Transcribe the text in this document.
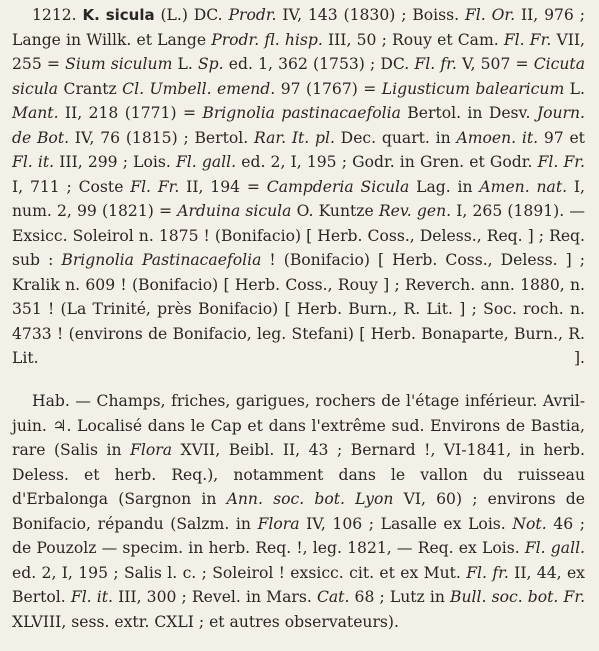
1212. K. sicula (L.) DC. Prodr. IV, 143 (1830) ; Boiss. Fl. Or. II, 976 ; Lange in Willk. et Lange Prodr. fl. hisp. III, 50 ; Rouy et Cam. Fl. Fr. VII, 255 = Sium siculum L. Sp. ed. 1, 362 (1753) ; DC. Fl. fr. V, 507 = Cicuta sicula Crantz Cl. Umbell. emend. 97 (1767) = Ligusticum balearicum L. Mant. II, 218 (1771) = Brignolia pastinacaefolia Bertol. in Desv. Journ. de Bot. IV, 76 (1815) ; Bertol. Rar. It. pl. Dec. quart. in Amoen. it. 97 et Fl. it. III, 299 ; Lois. Fl. gall. ed. 2, I, 195 ; Godr. in Gren. et Godr. Fl. Fr. I, 711 ; Coste Fl. Fr. II, 194 = Campderia Sicula Lag. in Amen. nat. I, num. 2, 99 (1821) = Arduina sicula O. Kuntze Rev. gen. I, 265 (1891). — Exsicc. Soleirol n. 1875 ! (Bonifacio) [ Herb. Coss., Deless., Req. ] ; Req. sub : Brignolia Pastinacaefolia ! (Bonifacio) [ Herb. Coss., Deless. ] ; Kralik n. 609 ! (Bonifacio) [ Herb. Coss., Rouy ] ; Reverch. ann. 1880, n. 351 ! (La Trinité, près Bonifacio) [ Herb. Burn., R. Lit. ] ; Soc. roch. n. 4733 ! (environs de Bonifacio, leg. Stefani) [ Herb. Bonaparte, Burn., R. Lit. ].

Hab. — Champs, friches, garigues, rochers de l'étage inférieur. Avril-juin. ♃. Localisé dans le Cap et dans l'extrême sud. Environs de Bastia, rare (Salis in Flora XVII, Beibl. II, 43 ; Bernard !, VI-1841, in herb. Deless. et herb. Req.), notamment dans le vallon du ruisseau d'Erbalonga (Sargnon in Ann. soc. bot. Lyon VI, 60) ; environs de Bonifacio, répandu (Salzm. in Flora IV, 106 ; Lasalle ex Lois. Not. 46 ; de Pouzolz — specim. in herb. Req. !, leg. 1821, — Req. ex Lois. Fl. gall. ed. 2, I, 195 ; Salis l. c. ; Soleirol ! exsicc. cit. et ex Mut. Fl. fr. II, 44, ex Bertol. Fl. it. III, 300 ; Revel. in Mars. Cat. 68 ; Lutz in Bull. soc. bot. Fr. XLVIII, sess. extr. CXLI ; et autres observateurs).
